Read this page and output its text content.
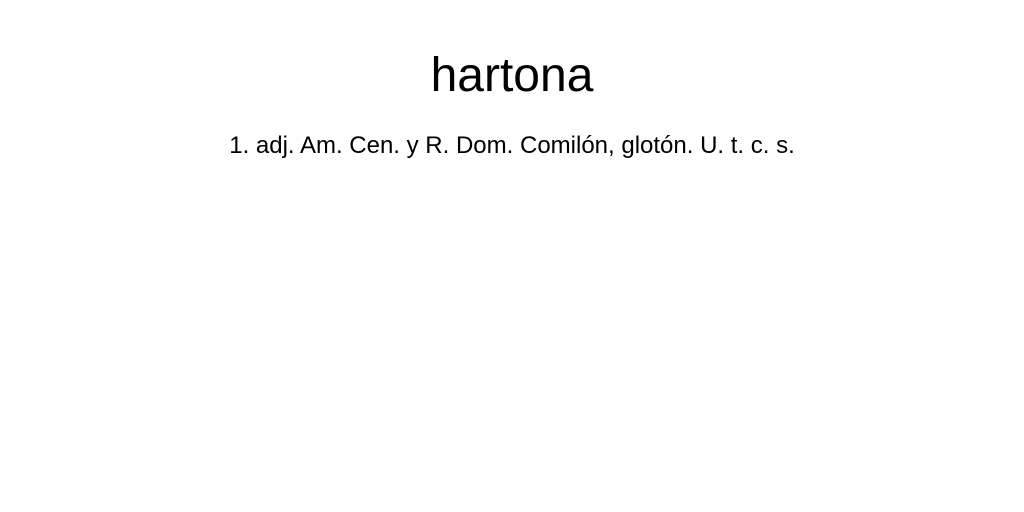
hartona

1. adj. Am. Cen. y R. Dom. Comilón, glotón. U. t. c. s.
